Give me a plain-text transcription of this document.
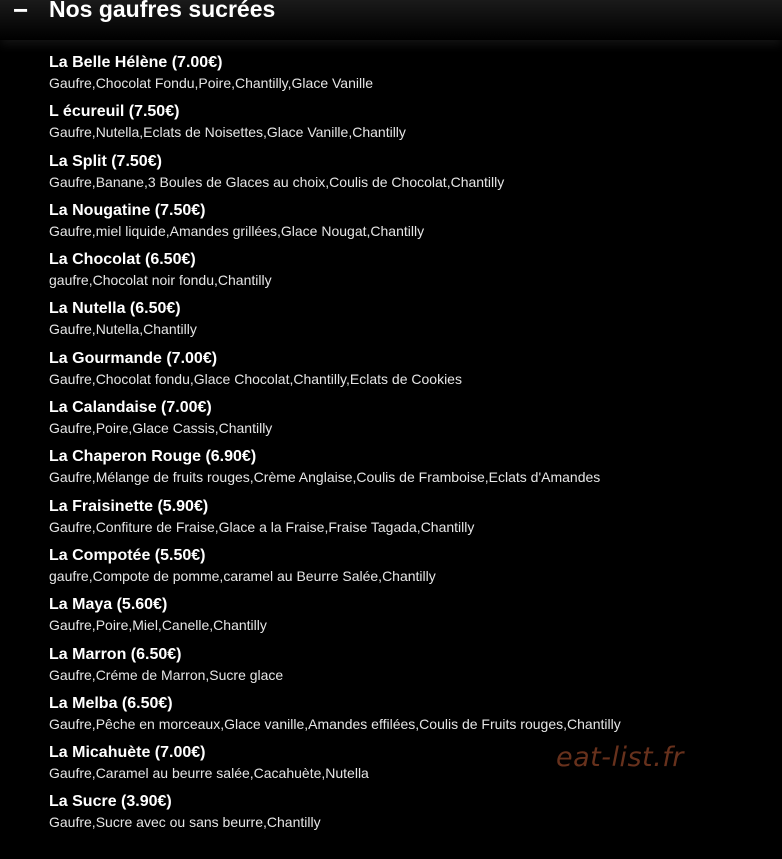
− Nos gaufres sucrées
La Belle Hélène (7.00€)
Gaufre,Chocolat Fondu,Poire,Chantilly,Glace Vanille
L écureuil (7.50€)
Gaufre,Nutella,Eclats de Noisettes,Glace Vanille,Chantilly
La Split (7.50€)
Gaufre,Banane,3 Boules de Glaces au choix,Coulis de Chocolat,Chantilly
La Nougatine (7.50€)
Gaufre,miel liquide,Amandes grillées,Glace Nougat,Chantilly
La Chocolat (6.50€)
gaufre,Chocolat noir fondu,Chantilly
La Nutella (6.50€)
Gaufre,Nutella,Chantilly
La Gourmande (7.00€)
Gaufre,Chocolat fondu,Glace Chocolat,Chantilly,Eclats de Cookies
La Calandaise (7.00€)
Gaufre,Poire,Glace Cassis,Chantilly
La Chaperon Rouge (6.90€)
Gaufre,Mélange de fruits rouges,Crème Anglaise,Coulis de Framboise,Eclats d'Amandes
La Fraisinette (5.90€)
Gaufre,Confiture de Fraise,Glace a la Fraise,Fraise Tagada,Chantilly
La Compotée (5.50€)
gaufre,Compote de pomme,caramel au Beurre Salée,Chantilly
La Maya (5.60€)
Gaufre,Poire,Miel,Canelle,Chantilly
La Marron (6.50€)
Gaufre,Créme de Marron,Sucre glace
La Melba (6.50€)
Gaufre,Pêche en morceaux,Glace vanille,Amandes effilées,Coulis de Fruits rouges,Chantilly
La Micahuète (7.00€)
Gaufre,Caramel au beurre salée,Cacahuète,Nutella
La Sucre (3.90€)
Gaufre,Sucre avec ou sans beurre,Chantilly
eat-list.fr
